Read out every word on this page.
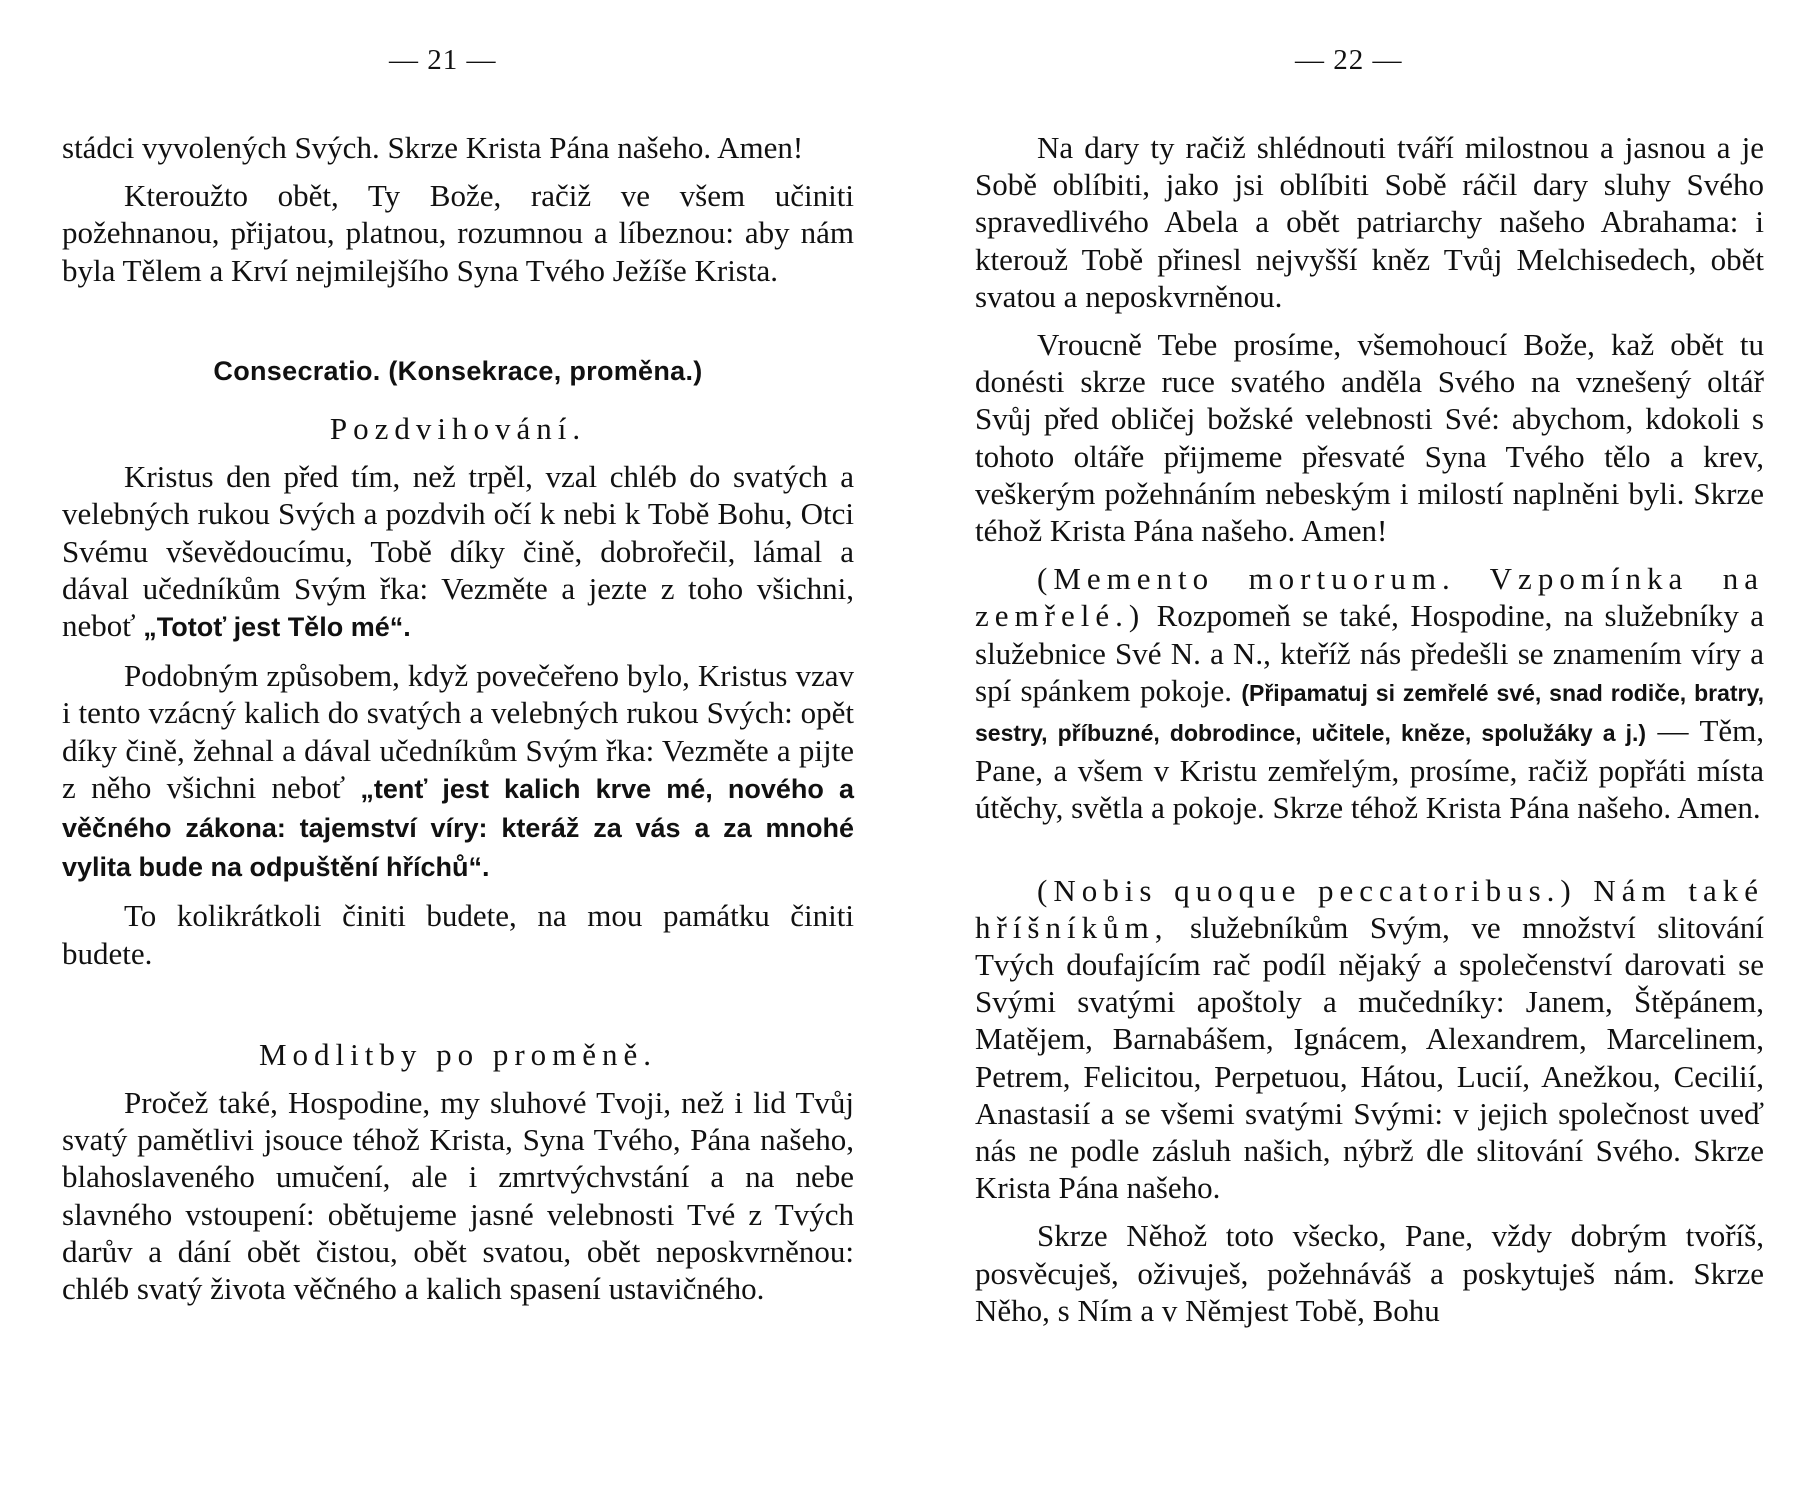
— 21 —

stádci vyvolených Svých. Skrze Krista Pána našeho. Amen!

Kteroužto obět, Ty Bože, račiž ve všem učiniti požehnanou, přijatou, platnou, rozumnou a líbeznou: aby nám byla Tělem a Krví nejmilejšího Syna Tvého Ježíše Krista.

Consecratio. (Konsekrace, proměna.)

Pozdvihování.

Kristus den před tím, než trpěl, vzal chléb do svatých a velebných rukou Svých a pozdvih očí k nebi k Tobě Bohu, Otci Svému vševědoucímu, Tobě díky čině, dobrořečil, lámal a dával učedníkům Svým řka: Vezměte a jezte z toho všichni, neboť „Totoť jest Tělo mé“.

Podobným způsobem, když povečeřeno bylo, Kristus vzav i tento vzácný kalich do svatých a velebných rukou Svých: opět díky čině, žehnal a dával učedníkům Svým řka: Vezměte a pijte z něho všichni neboť „tenť jest kalich krve mé, nového a věčného zákona: tajemství víry: kteráž za vás a za mnohé vylita bude na odpuštění hříchů“.

To kolikrátkoli činiti budete, na mou památku činiti budete.

Modlitby po proměně.

Pročež také, Hospodine, my sluhové Tvoji, než i lid Tvůj svatý pamětlivi jsouce téhož Krista, Syna Tvého, Pána našeho, blahoslaveného umučení, ale i zmrtvýchvstání a na nebe slavného vstoupení: obětujeme jasné velebnosti Tvé z Tvých darův a dání obět čistou, obět svatou, obět neposkvrněnou: chléb svatý života věčného a kalich spasení ustavičného.

— 22 —

Na dary ty račiž shlédnouti tváří milostnou a jasnou a je Sobě oblíbiti, jako jsi oblíbiti Sobě ráčil dary sluhy Svého spravedlivého Abela a obět patriarchy našeho Abrahama: i kterouž Tobě přinesl nejvyšší kněz Tvůj Melchisedech, obět svatou a neposkvrněnou.

Vroucně Tebe prosíme, všemohoucí Bože, kaž obět tu donésti skrze ruce svatého anděla Svého na vznešený oltář Svůj před obličej božské velebnosti Své: abychom, kdokoli s tohoto oltáře přijmeme přesvaté Syna Tvého tělo a krev, veškerým požehnáním nebeským i milostí naplněni byli. Skrze téhož Krista Pána našeho. Amen!

(Memento mortuorum. Vzpomínka na zemřelé.) Rozpomeň se také, Hospodine, na služebníky a služebnice Své N. a N., kteříž nás předešli se znamením víry a spí spánkem pokoje. (Připamatuj si zemřelé své, snad rodiče, bratry, sestry, příbuzné, dobrodince, učitele, kněze, spolužáky a j.) — Těm, Pane, a všem v Kristu zemřelým, prosíme, račiž popřáti místa útěchy, světla a pokoje. Skrze téhož Krista Pána našeho. Amen.

(Nobis quoque peccatoribus.) Nám také hříšníkům, služebníkům Svým, ve množství slitování Tvých doufajícím rač podíl nějaký a společenství darovati se Svými svatými apoštoly a mučedníky: Janem, Štěpánem, Matějem, Barnabášem, Ignácem, Alexandrem, Marcelinem, Petrem, Felicitou, Perpetuou, Hátou, Lucií, Anežkou, Cecilií, Anastasií a se všemi svatými Svými: v jejich společnost uveď nás ne podle zásluh našich, nýbrž dle slitování Svého. Skrze Krista Pána našeho.

Skrze Něhož toto všecko, Pane, vždy dobrým tvoříš, posvěcuješ, oživuješ, požehnáváš a poskytuješ nám. Skrze Něho, s Ním a v Němjest Tobě, Bohu
